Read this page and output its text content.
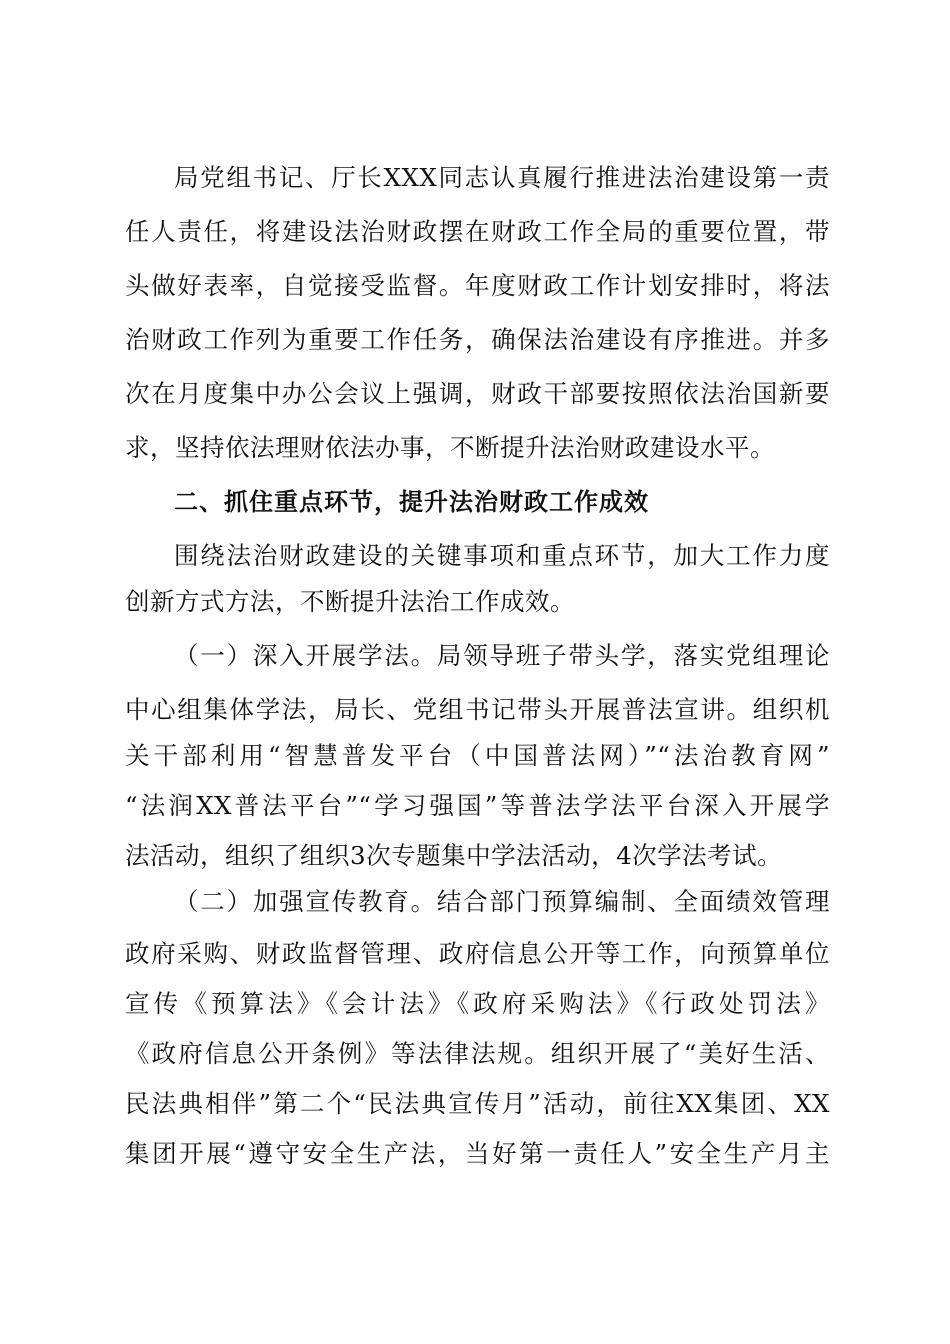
局党组书记、厅长XXX同志认真履行推进法治建设第一责
任人责任，将建设法治财政摆在财政工作全局的重要位置，带
头做好表率，自觉接受监督。年度财政工作计划安排时，将法
治财政工作列为重要工作任务，确保法治建设有序推进。并多
次在月度集中办公会议上强调，财政干部要按照依法治国新要
求，坚持依法理财依法办事，不断提升法治财政建设水平。
二、抓住重点环节，提升法治财政工作成效
围绕法治财政建设的关键事项和重点环节，加大工作力度
创新方式方法，不断提升法治工作成效。
（一）深入开展学法。局领导班子带头学，落实党组理论
中心组集体学法，局长、党组书记带头开展普法宣讲。组织机
关干部利用“智慧普发平台（中国普法网）”“法治教育网”
“法润XX普法平台”“学习强国”等普法学法平台深入开展学
法活动，组织了组织3次专题集中学法活动，4次学法考试。
（二）加强宣传教育。结合部门预算编制、全面绩效管理
政府采购、财政监督管理、政府信息公开等工作，向预算单位
宣传《预算法》《会计法》《政府采购法》《行政处罚法》
《政府信息公开条例》等法律法规。组织开展了“美好生活、
民法典相伴”第二个“民法典宣传月”活动，前往XX集团、XX
集团开展“遵守安全生产法，当好第一责任人”安全生产月主
